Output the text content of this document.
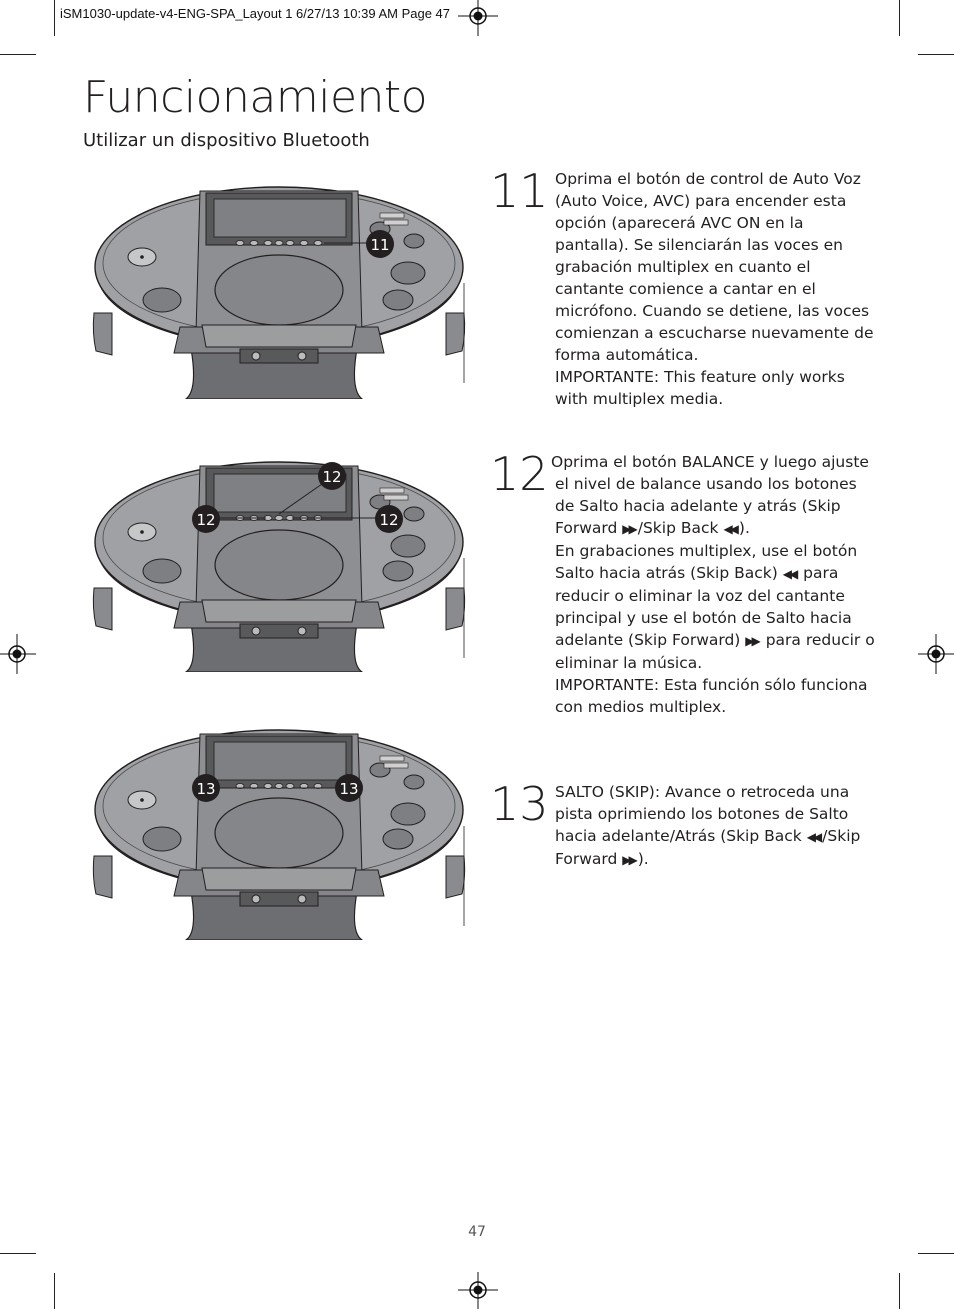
iSM1030-update-v4-ENG-SPA_Layout 1 6/27/13 10:39 AM Page 47
Funcionamiento
Utilizar un dispositivo Bluetooth
11
12	12
12
13	13
11 Oprima el botón de control de Auto Voz (Auto Voice, AVC) para encender esta opción (aparecerá AVC ON en la pantalla). Se silenciarán las voces en grabación multiplex en cuanto el cantante comience a cantar en el micrófono. Cuando se detiene, las voces comienzan a escucharse nuevamente de forma automática.

IMPORTANTE: This feature only works with multiplex media.

12 Oprima el botón BALANCE y luego ajuste el nivel de balance usando los botones de Salto hacia adelante y atrás (Skip Forward ▶▶ /Skip Back ◀◀ ).

En grabaciones multiplex, use el botón Salto hacia atrás (Skip Back) ◀◀ para reducir o eliminar la voz del cantante principal y use el botón de Salto hacia adelante (Skip Forward) ▶▶ para reducir o eliminar la música.

IMPORTANTE: Esta función sólo funciona con medios multiplex.

13 SALTO (SKIP): Avance o retroceda una pista oprimiendo los botones de Salto hacia adelante/Atrás (Skip Back ◀◀ /Skip Forward ▶▶ ).

47
